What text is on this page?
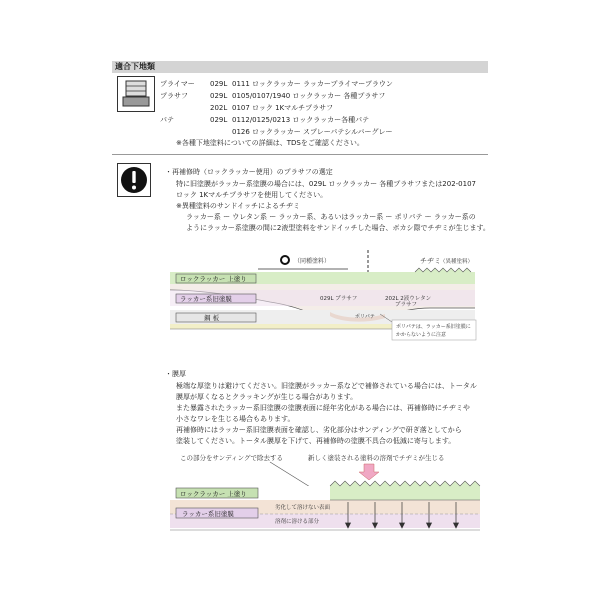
適合下地類
プライマー 029L 0111 ロックラッカー ラッカープライマーブラウン
プラサフ	029L 0105/0107/1940 ロックラッカー 各種プラサフ
202L 0107 ロック 1Kマルチプラサフ
パテ	029L 0112/0125/0213 ロックラッカー各種パテ
0126 ロックラッカー スプレーパテシルバーグレー
※各種下地塗料についての詳細は、TDSをご確認ください。
・再補修時（ロックラッカー使用）のプラサフの選定
特に旧塗膜がラッカー系塗膜の場合には、029L ロックラッカー 各種プラサフまたは202-0107
ロック 1Kマルチプラサフを使用してください。
※異種塗料のサンドイッチによるチヂミ
ラッカー系 ー ウレタン系 ー ラッカー系、あるいはラッカー系 ー ポリパテ ー ラッカー系の
ようにラッカー系塗膜の間に2液型塗料をサンドイッチした場合、ボカシ際でチヂミが生じます。
（同種塗料）	チヂミ （異種塗料）
ロックラッカー 上塗り
ラッカー系旧塗膜
鋼 板
029L プラサフ	202L 2液ウレタン
プラサフ
ポリパテ
ポリパテは、ラッカー系旧塗膜に
かからないように注意
・膜厚
極端な厚塗りは避けてください。旧塗膜がラッカー系などで補修されている場合には、トータル
膜厚が厚くなるとクラッキングが生じる場合があります。
また暴露されたラッカー系旧塗膜の塗膜表面に経年劣化がある場合には、再補修時にチヂミや
小さなワレを生じる場合もあります。
再補修時にはラッカー系旧塗膜表面を確認し、劣化部分はサンディングで研ぎ落としてから
塗装してください。トータル膜厚を下げて、再補修時の塗膜不具合の低減に寄与します。
この部分をサンディングで除去する	新しく塗装される塗料の溶剤でチヂミが生じる
ロックラッカー 上塗り
劣化して溶けない表面
溶剤に溶ける部分
ラッカー系旧塗膜
